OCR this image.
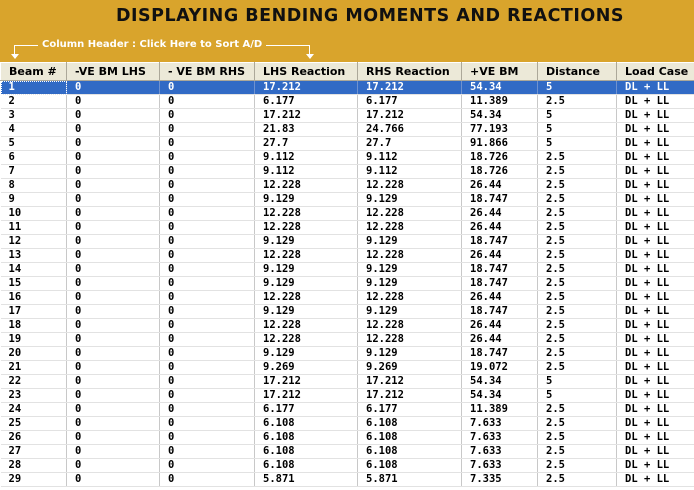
DISPLAYING BENDING MOMENTS AND REACTIONS
Column Header : Click Here to Sort A/D
Beam #	-VE BM LHS	- VE BM RHS	LHS Reaction	RHS Reaction	+VE BM	Distance	Load Case
1	0	0	17.212	17.212	54.34	5	DL + LL
2	0	0	6.177	6.177	11.389	2.5	DL + LL
3	0	0	17.212	17.212	54.34	5	DL + LL
4	0	0	21.83	24.766	77.193	5	DL + LL
5	0	0	27.7	27.7	91.866	5	DL + LL
6	0	0	9.112	9.112	18.726	2.5	DL + LL
7	0	0	9.112	9.112	18.726	2.5	DL + LL
8	0	0	12.228	12.228	26.44	2.5	DL + LL
9	0	0	9.129	9.129	18.747	2.5	DL + LL
10	0	0	12.228	12.228	26.44	2.5	DL + LL
11	0	0	12.228	12.228	26.44	2.5	DL + LL
12	0	0	9.129	9.129	18.747	2.5	DL + LL
13	0	0	12.228	12.228	26.44	2.5	DL + LL
14	0	0	9.129	9.129	18.747	2.5	DL + LL
15	0	0	9.129	9.129	18.747	2.5	DL + LL
16	0	0	12.228	12.228	26.44	2.5	DL + LL
17	0	0	9.129	9.129	18.747	2.5	DL + LL
18	0	0	12.228	12.228	26.44	2.5	DL + LL
19	0	0	12.228	12.228	26.44	2.5	DL + LL
20	0	0	9.129	9.129	18.747	2.5	DL + LL
21	0	0	9.269	9.269	19.072	2.5	DL + LL
22	0	0	17.212	17.212	54.34	5	DL + LL
23	0	0	17.212	17.212	54.34	5	DL + LL
24	0	0	6.177	6.177	11.389	2.5	DL + LL
25	0	0	6.108	6.108	7.633	2.5	DL + LL
26	0	0	6.108	6.108	7.633	2.5	DL + LL
27	0	0	6.108	6.108	7.633	2.5	DL + LL
28	0	0	6.108	6.108	7.633	2.5	DL + LL
29	0	0	5.871	5.871	7.335	2.5	DL + LL
